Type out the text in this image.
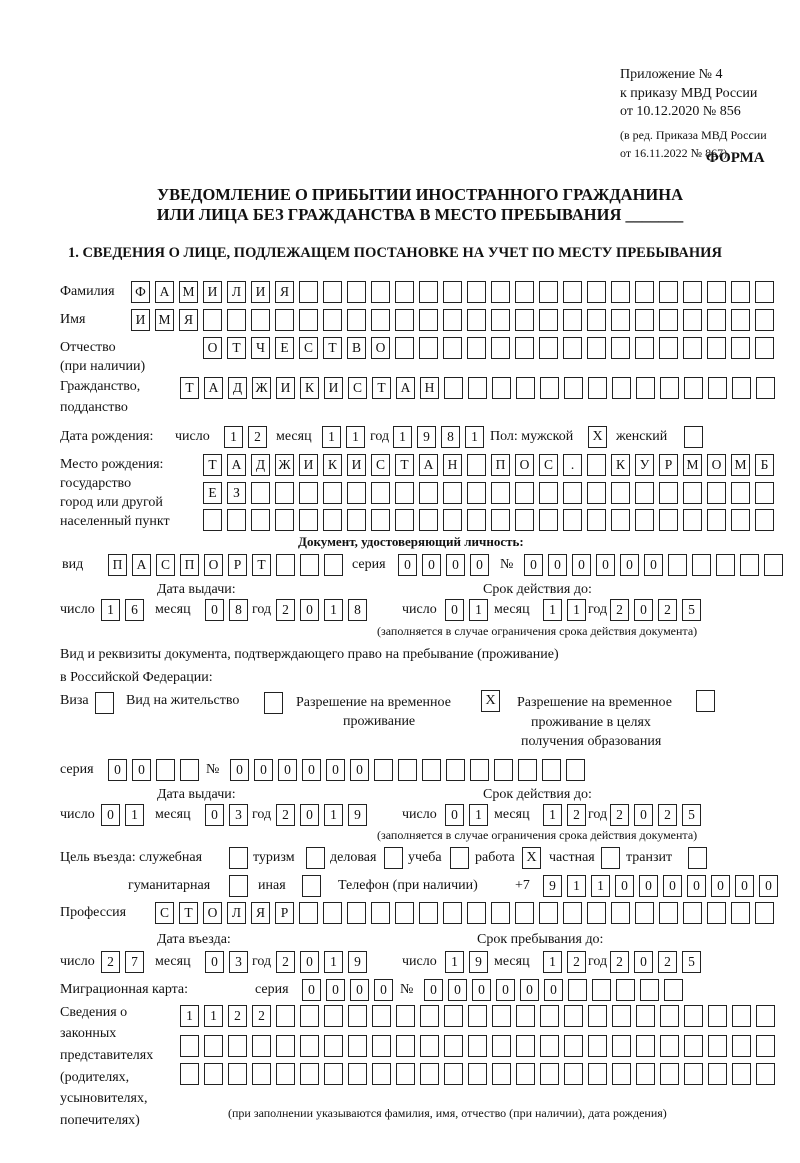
Приложение № 4
к приказу МВД России
от 10.12.2020 № 856
(в ред. Приказа МВД России
от 16.11.2022 № 867)
ФОРМА
УВЕДОМЛЕНИЕ О ПРИБЫТИИ ИНОСТРАННОГО ГРАЖДАНИНА
ИЛИ ЛИЦА БЕЗ ГРАЖДАНСТВА В МЕСТО ПРЕБЫВАНИЯ _______
1. СВЕДЕНИЯ О ЛИЦЕ, ПОДЛЕЖАЩЕМ ПОСТАНОВКЕ НА УЧЕТ ПО МЕСТУ ПРЕБЫВАНИЯ
Фамилия	Ф	А М И	Л	И	Я
Имя	И М Я
Отчество
(при наличии)
О	Т	Ч	Е	С	Т	В	О
Гражданство,
подданство
Т	А	Д Ж И	К	И	С	Т	А	Н
Дата рождения: число	1	2	месяц	1	1 год 1	9	8	1 Пол: мужской	X женский
Место рождения:
государство
город или другой
населенный пункт
Т	А	Д Ж И	К	И	С	Т	А	Н	П	О	С	.	К	У	Р	М О М	Б
Е	З
Документ, удостоверяющий личность:
вид	П	А	С	П	О	Р	Т	серия	0	0	0	0	№	0	0	0	0	0	0
Дата выдачи:	Срок действия до:
число 1	6	месяц	0	8 год 2	0	1	8	число	0	1 месяц	1	1 год 2	0	2	5
(заполняется в случае ограничения срока действия документа)
Вид и реквизиты документа, подтверждающего право на пребывание (проживание)
в Российской Федерации:
Виза	Вид на жительство	Разрешение на временное
проживание
X	Разрешение на временное
проживание в целях
получения образования
серия	0	0	№	0	0	0	0	0	0
Дата выдачи:	Срок действия до:
число 0	1	месяц	0	3 год 2	0	1	9	число	0	1 месяц	1	2 год 2	0	2	5
(заполняется в случае ограничения срока действия документа)
Цель въезда: служебная	туризм	деловая учеба работа X частная транзит
гуманитарная	иная	Телефон (при наличии)	+7	9	1	1	0	0	0	0	0	0	0
Профессия	С	Т	О	Л	Я	Р
Дата въезда:	Срок пребывания до:
число 2	7	месяц	0	3 год 2	0	1	9	число	1	9 месяц	1	2 год 2	0	2	5
Миграционная карта:	серия	0	0	0	0 №	0	0	0	0	0	0
Сведения о
законных
представителях
(родителях,
усыновителях,
попечителях)
1	1	2	2
(при заполнении указываются фамилия, имя, отчество (при наличии), дата рождения)
